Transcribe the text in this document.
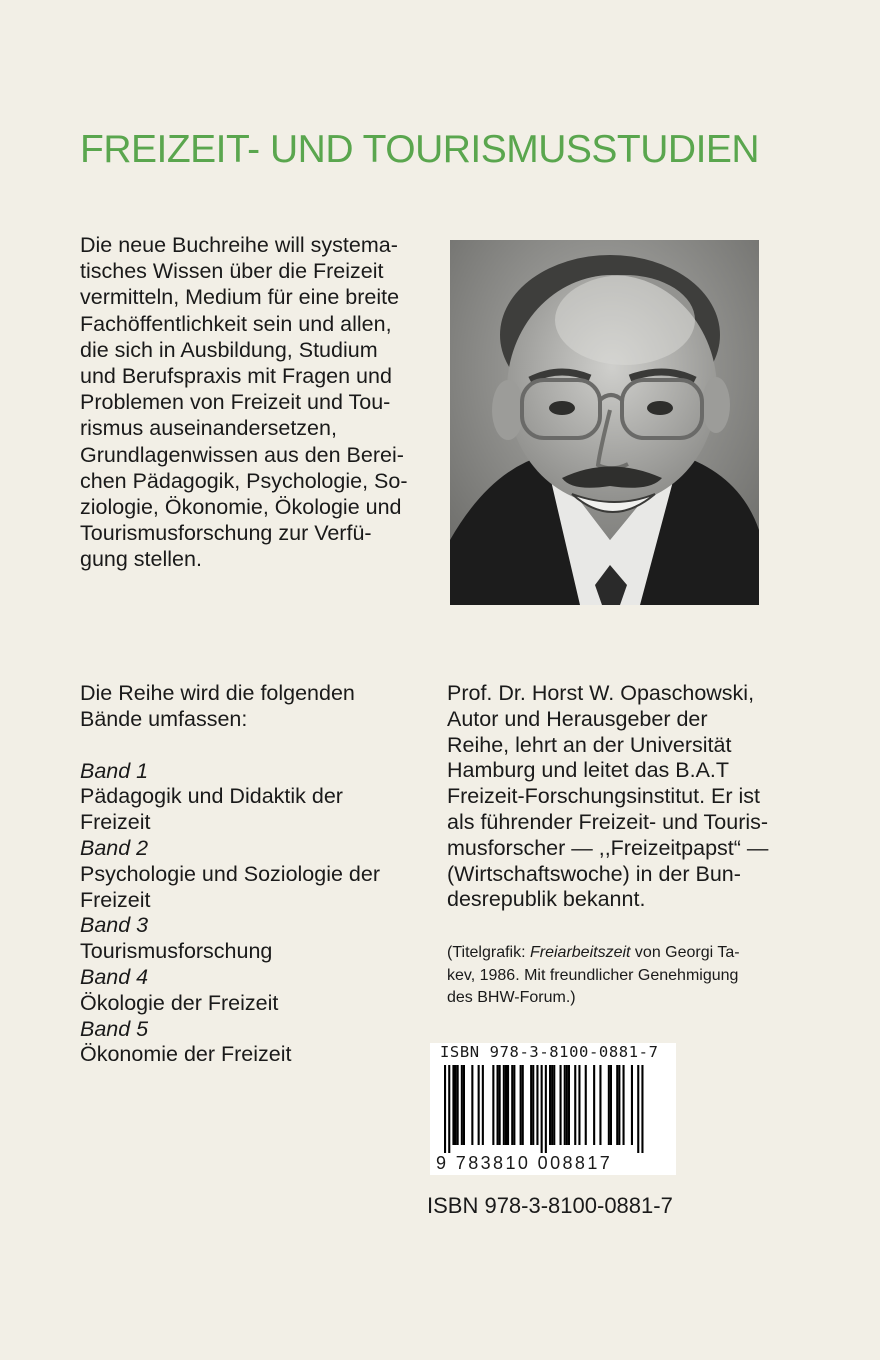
FREIZEIT- UND TOURISMUSSTUDIEN
Die neue Buchreihe will systema-
tisches Wissen über die Freizeit
vermitteln, Medium für eine breite
Fachöffentlichkeit sein und allen,
die sich in Ausbildung, Studium
und Berufspraxis mit Fragen und
Problemen von Freizeit und Tou-
rismus auseinandersetzen,
Grundlagenwissen aus den Berei-
chen Pädagogik, Psychologie, So-
ziologie, Ökonomie, Ökologie und
Tourismusforschung zur Verfü-
gung stellen.
Die Reihe wird die folgenden
Bände umfassen:
Band 1
Pädagogik und Didaktik der
Freizeit
Band 2
Psychologie und Soziologie der
Freizeit
Band 3
Tourismusforschung
Band 4
Ökologie der Freizeit
Band 5
Ökonomie der Freizeit
Prof. Dr. Horst W. Opaschowski,
Autor und Herausgeber der
Reihe, lehrt an der Universität
Hamburg und leitet das B.A.T
Freizeit-Forschungsinstitut. Er ist
als führender Freizeit- und Touris-
musforscher — ,,Freizeitpapst“ —
(Wirtschaftswoche) in der Bun-
desrepublik bekannt.
(Titelgrafik: Freiarbeitszeit von Georgi Ta-
kev, 1986. Mit freundlicher Genehmigung
des BHW-Forum.)
ISBN 978-3-8100-0881-7
9 783810 008817
ISBN 978-3-8100-0881-7
